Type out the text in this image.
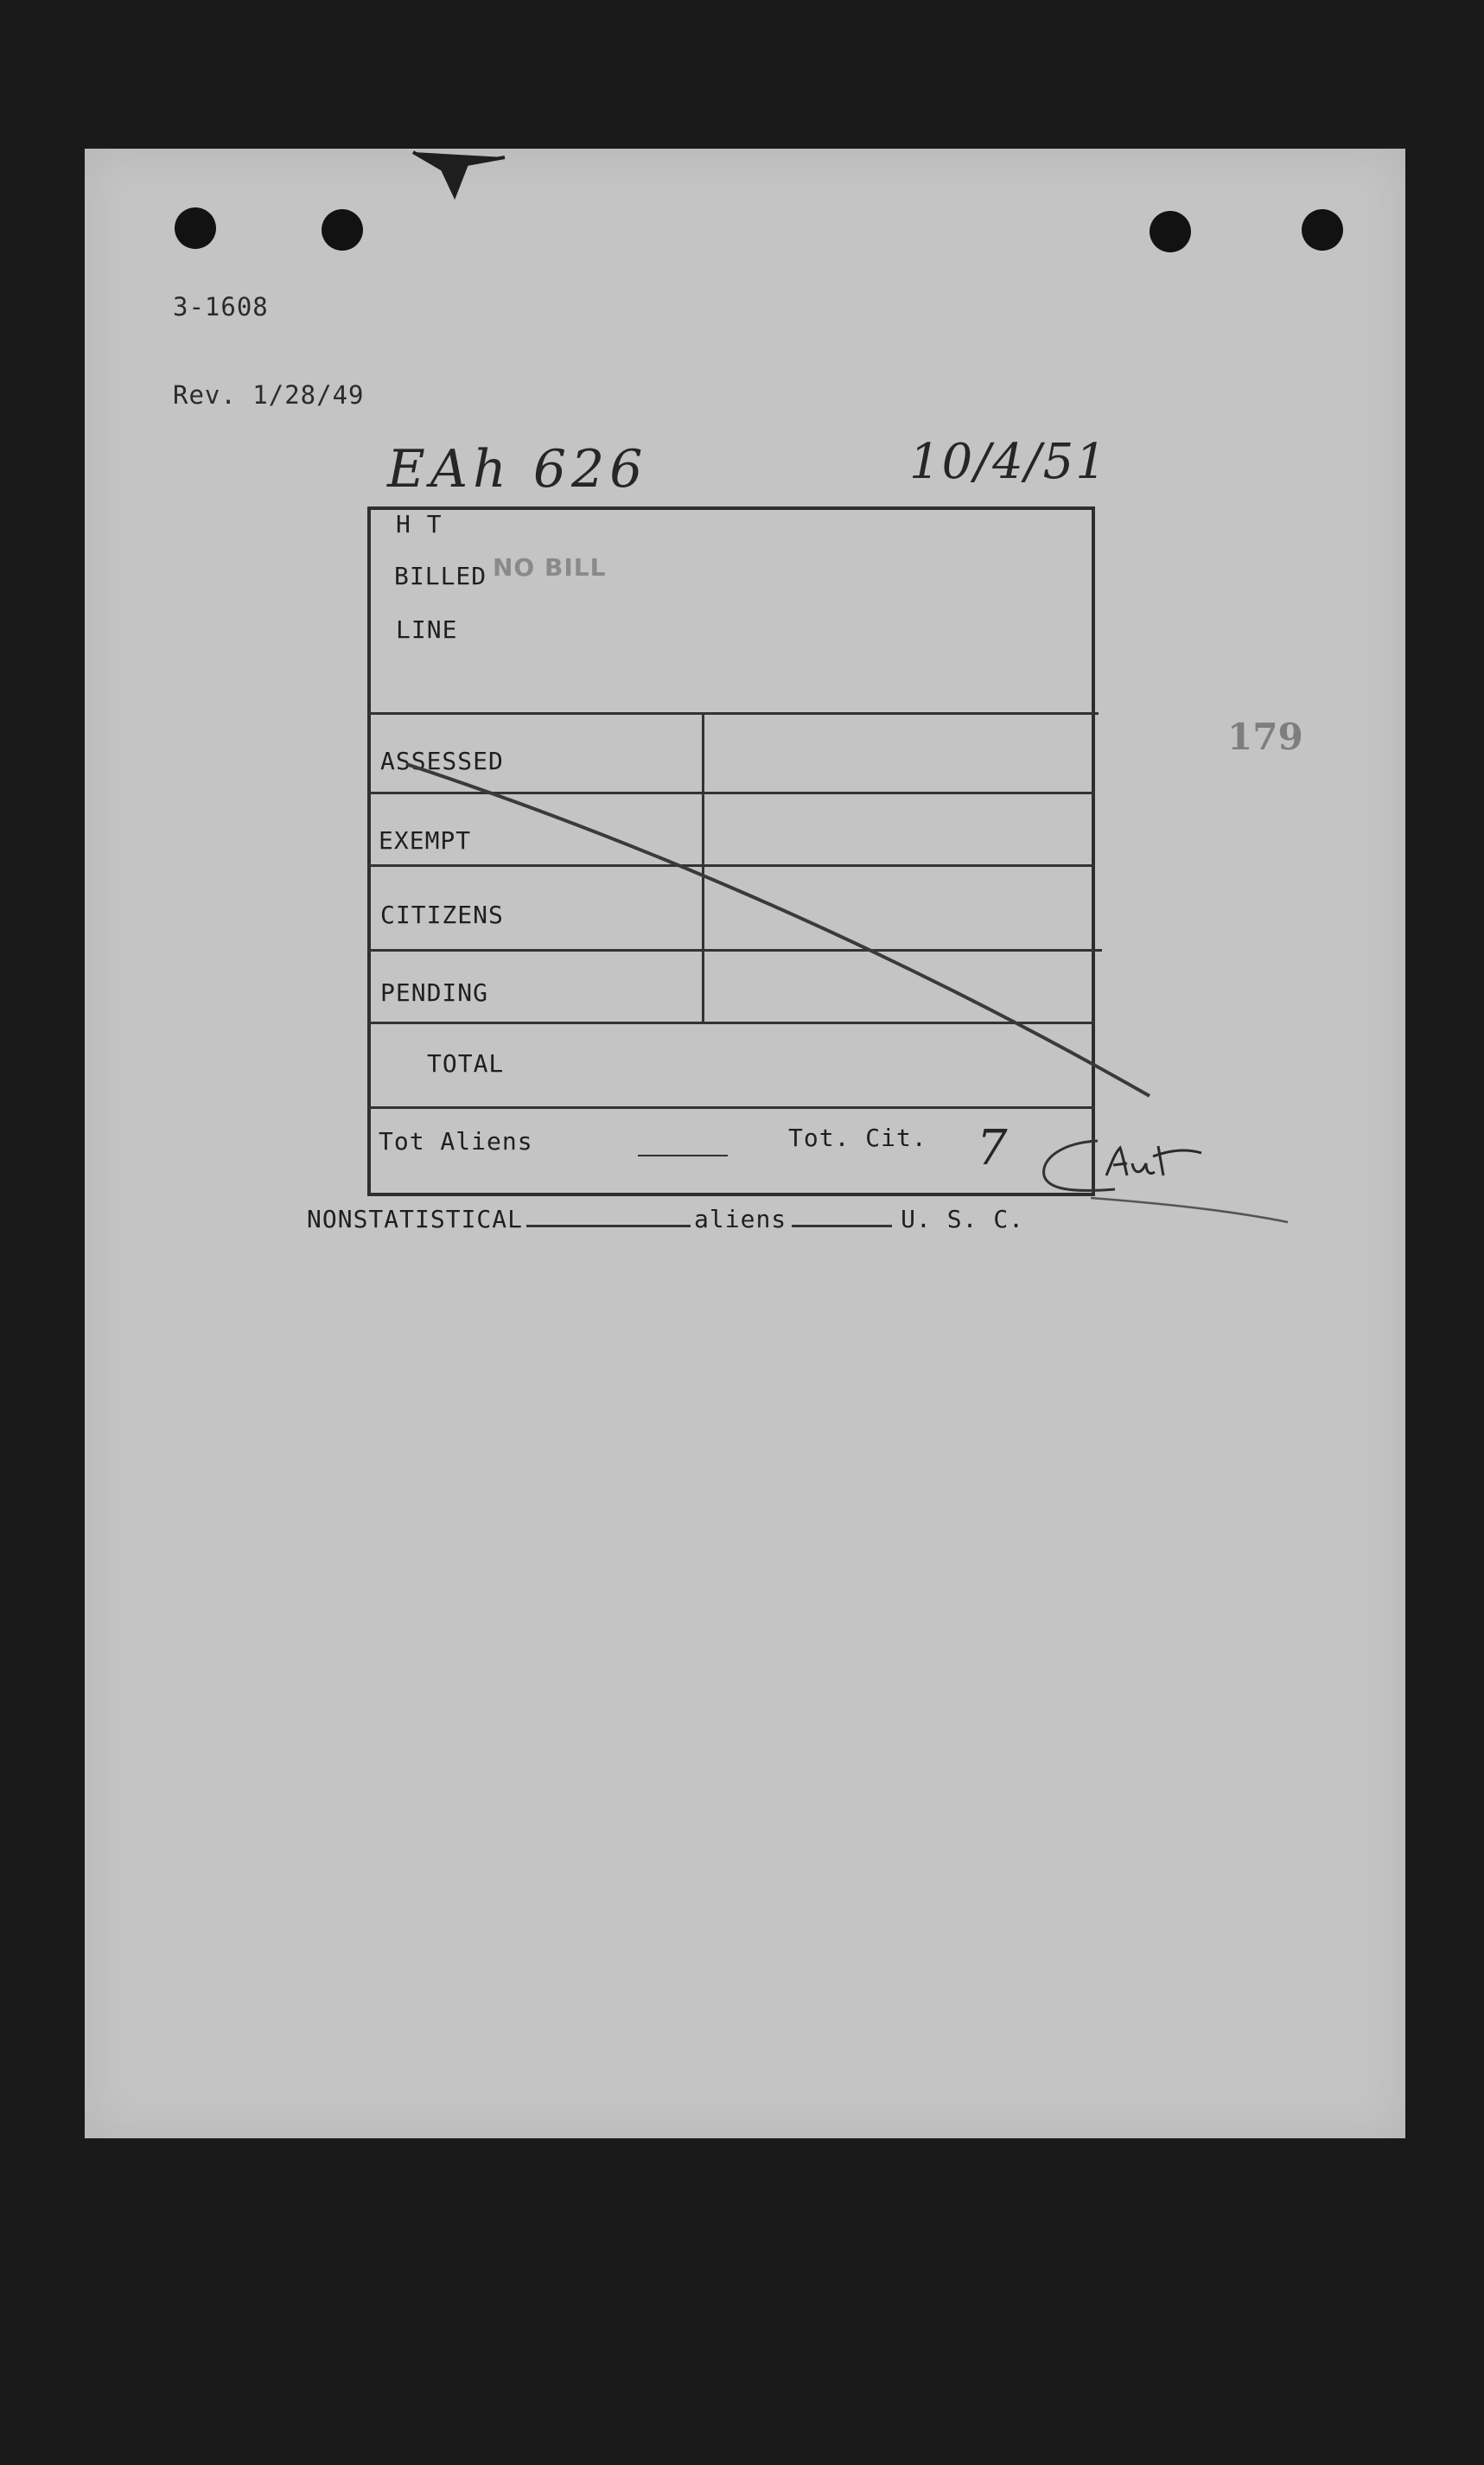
3-1608

Rev. 1/28/49

EAh 626	10/4/51
179
H T
BILLED
LINE
NO BILL
ASSESSED
EXEMPT
CITIZENS
PENDING
TOTAL
Tot Aliens	Tot. Cit. 7
NONSTATISTICAL	aliens	U. S. C.
